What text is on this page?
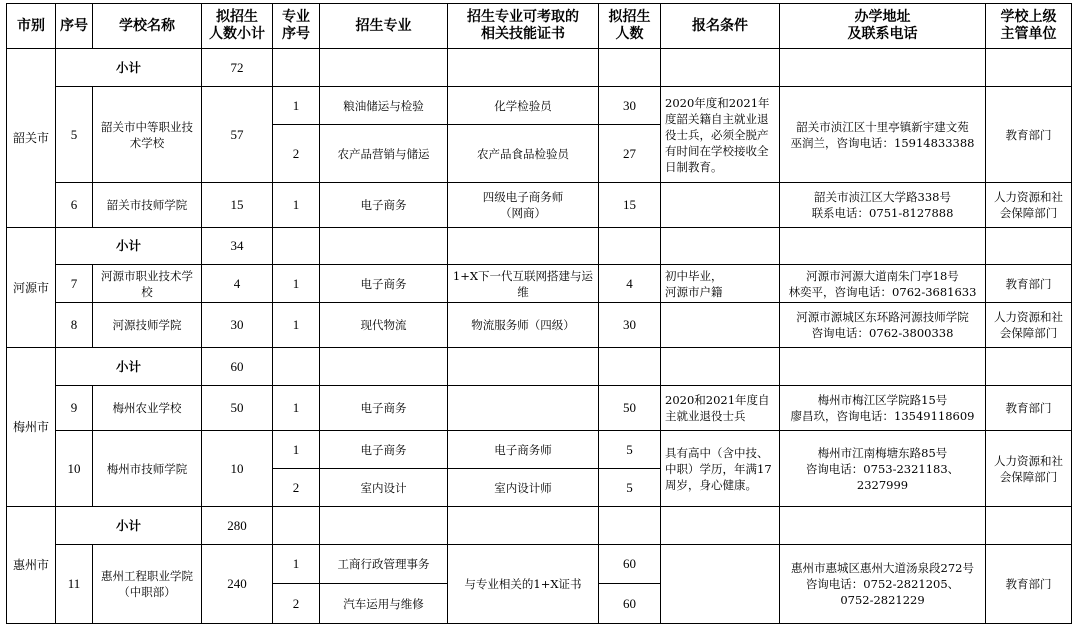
市别	序号	学校名称	拟招生
人数小计	专业
序号	招生专业	招生专业可考取的
相关技能证书	拟招生
人数	报名条件	办学地址
及联系电话	学校上级
主管单位

韶关市	小计		72							

	5	韶关市中等职业技术学校	57	1	粮油储运与检验	化学检验员	30	2020年度和2021年度韶关籍自主就业退役士兵，必须全脱产有时间在学校接收全日制教育。	韶关市浈江区十里亭镇新宇建文苑
巫润兰，咨询电话：15914833388	教育部门

				2	农产品营销与储运	农产品食品检验员	27			

	6	韶关市技师学院	15	1	电子商务	四级电子商务师
（网商）	15		韶关市浈江区大学路338号
联系电话：0751-8127888	人力资源和社会保障部门

河源市	小计		34							

	7	河源市职业技术学校	4	1	电子商务	1+X下一代互联网搭建与运维	4	初中毕业，
河源市户籍	河源市河源大道南朱门亭18号
林奕平，咨询电话：0762-3681633	教育部门

	8	河源技师学院	30	1	现代物流	物流服务师（四级）	30		河源市源城区东环路河源技师学院
咨询电话：0762-3800338	人力资源和社会保障部门

梅州市	小计		60							

	9	梅州农业学校	50	1	电子商务		50	2020和2021年度自主就业退役士兵	梅州市梅江区学院路15号
廖昌玖，咨询电话：13549118609	教育部门

	10	梅州市技师学院	10	1	电子商务	电子商务师	5	具有高中（含中技、中职）学历，年满17周岁，身心健康。	梅州市江南梅塘东路85号
咨询电话：0753-2321183、2327999	人力资源和社会保障部门

				2	室内设计	室内设计师	5			

惠州市	小计		280							

	11	惠州工程职业学院
（中职部）	240	1	工商行政管理事务	与专业相关的1+X证书	60		惠州市惠城区惠州大道汤泉段272号
咨询电话：0752-2821205、
0752-2821229	教育部门

				2	汽车运用与维修		60			
